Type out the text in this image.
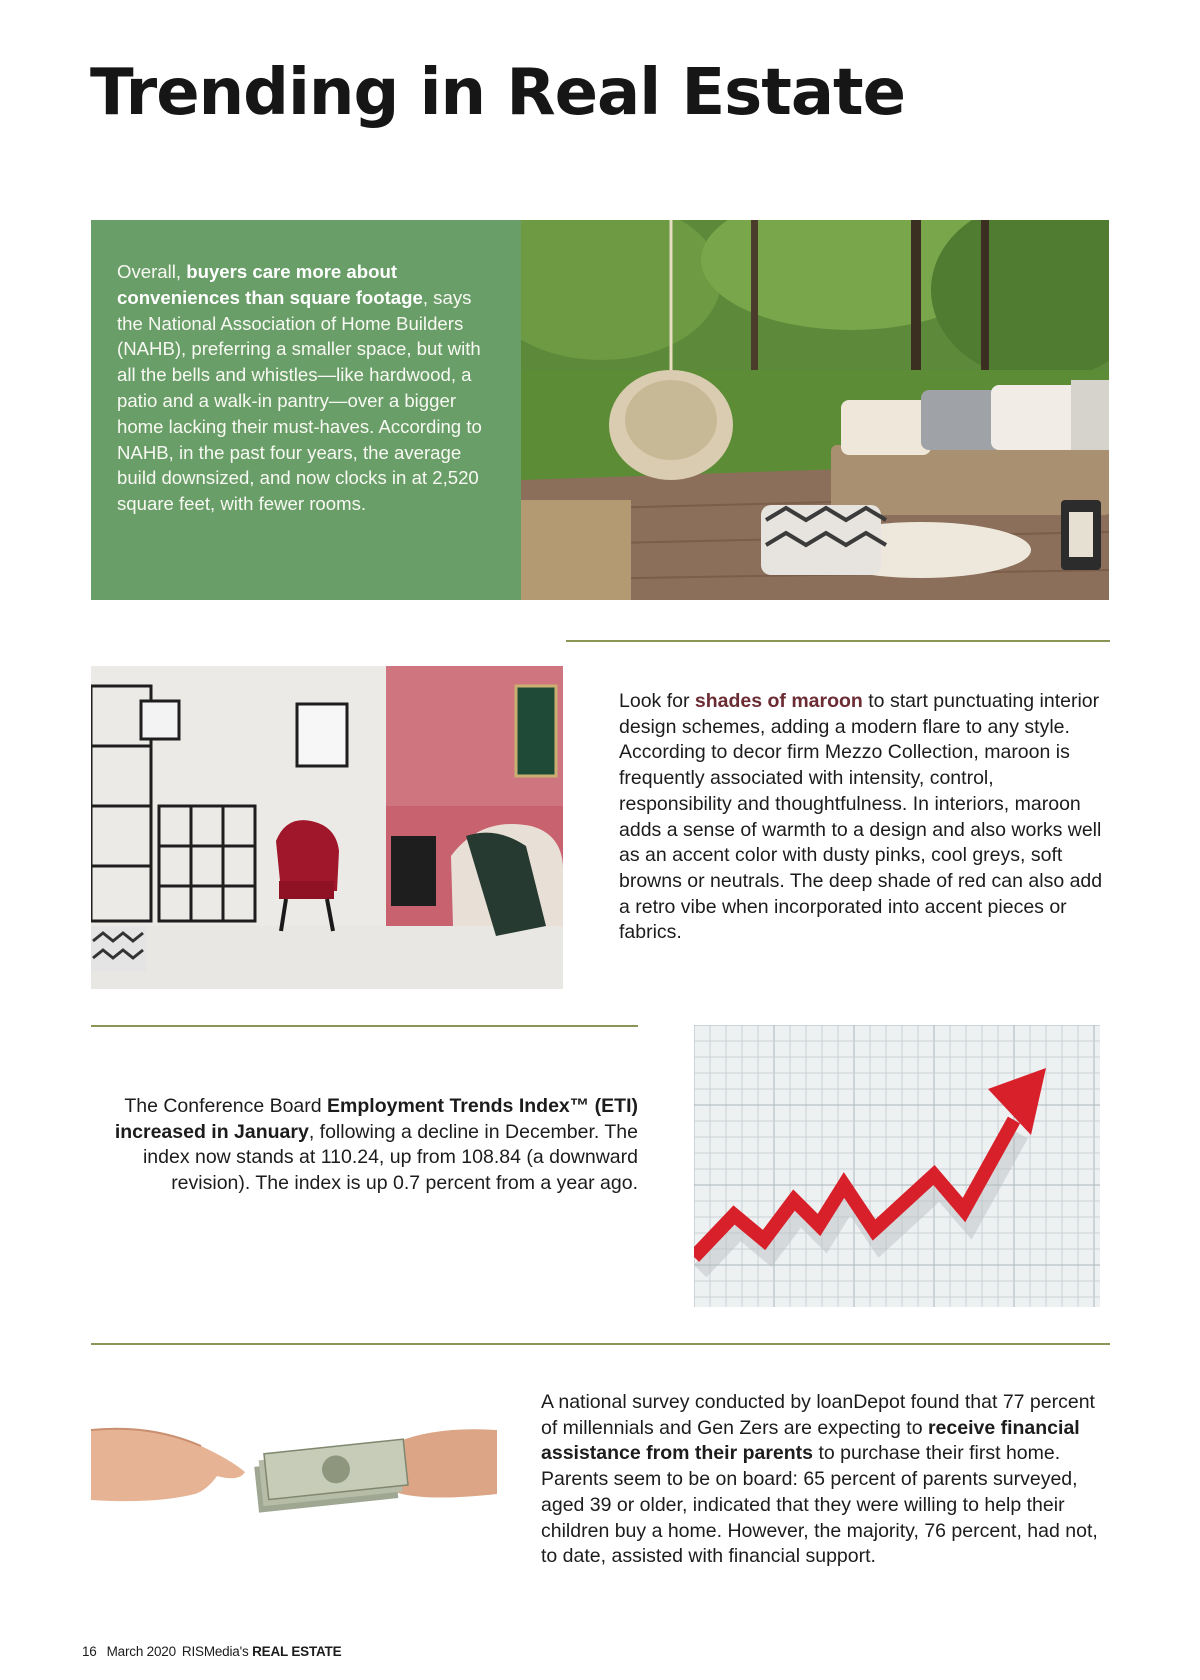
Trending in Real Estate

Overall, buyers care more about conveniences than square footage, says the National Association of Home Builders (NAHB), preferring a smaller space, but with all the bells and whistles—like hardwood, a patio and a walk-in pantry—over a bigger home lacking their must-haves. According to NAHB, in the past four years, the average build downsized, and now clocks in at 2,520 square feet, with fewer rooms.

Look for shades of maroon to start punctuating interior design schemes, adding a modern flare to any style. According to decor firm Mezzo Collection, maroon is frequently associated with intensity, control, responsibility and thoughtfulness. In interiors, maroon adds a sense of warmth to a design and also works well as an accent color with dusty pinks, cool greys, soft browns or neutrals. The deep shade of red can also add a retro vibe when incorporated into accent pieces or fabrics.

The Conference Board Employment Trends Index™ (ETI) increased in January, following a decline in December. The index now stands at 110.24, up from 108.84 (a downward revision). The index is up 0.7 percent from a year ago.

A national survey conducted by loanDepot found that 77 percent of millennials and Gen Zers are expecting to receive financial assistance from their parents to purchase their first home. Parents seem to be on board: 65 percent of parents surveyed, aged 39 or older, indicated that they were willing to help their children buy a home. However, the majority, 76 percent, had not, to date, assisted with financial support.

16 March 2020 RISMedia's REAL ESTATE
